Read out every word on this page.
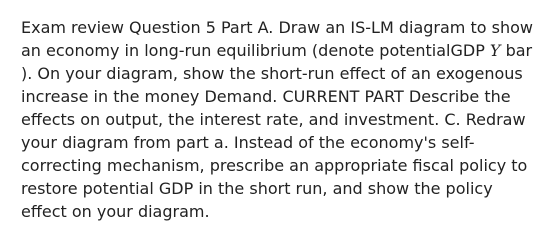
Exam review Question 5 Part A. Draw an IS-LM diagram to show an economy in long-run equilibrium (denote potentialGDP Y bar ). On your diagram, show the short-run effect of an exogenous increase in the money Demand. CURRENT PART Describe the effects on output, the interest rate, and investment. C. Redraw your diagram from part a. Instead of the economy's self-correcting mechanism, prescribe an appropriate fiscal policy to restore potential GDP in the short run, and show the policy effect on your diagram.
